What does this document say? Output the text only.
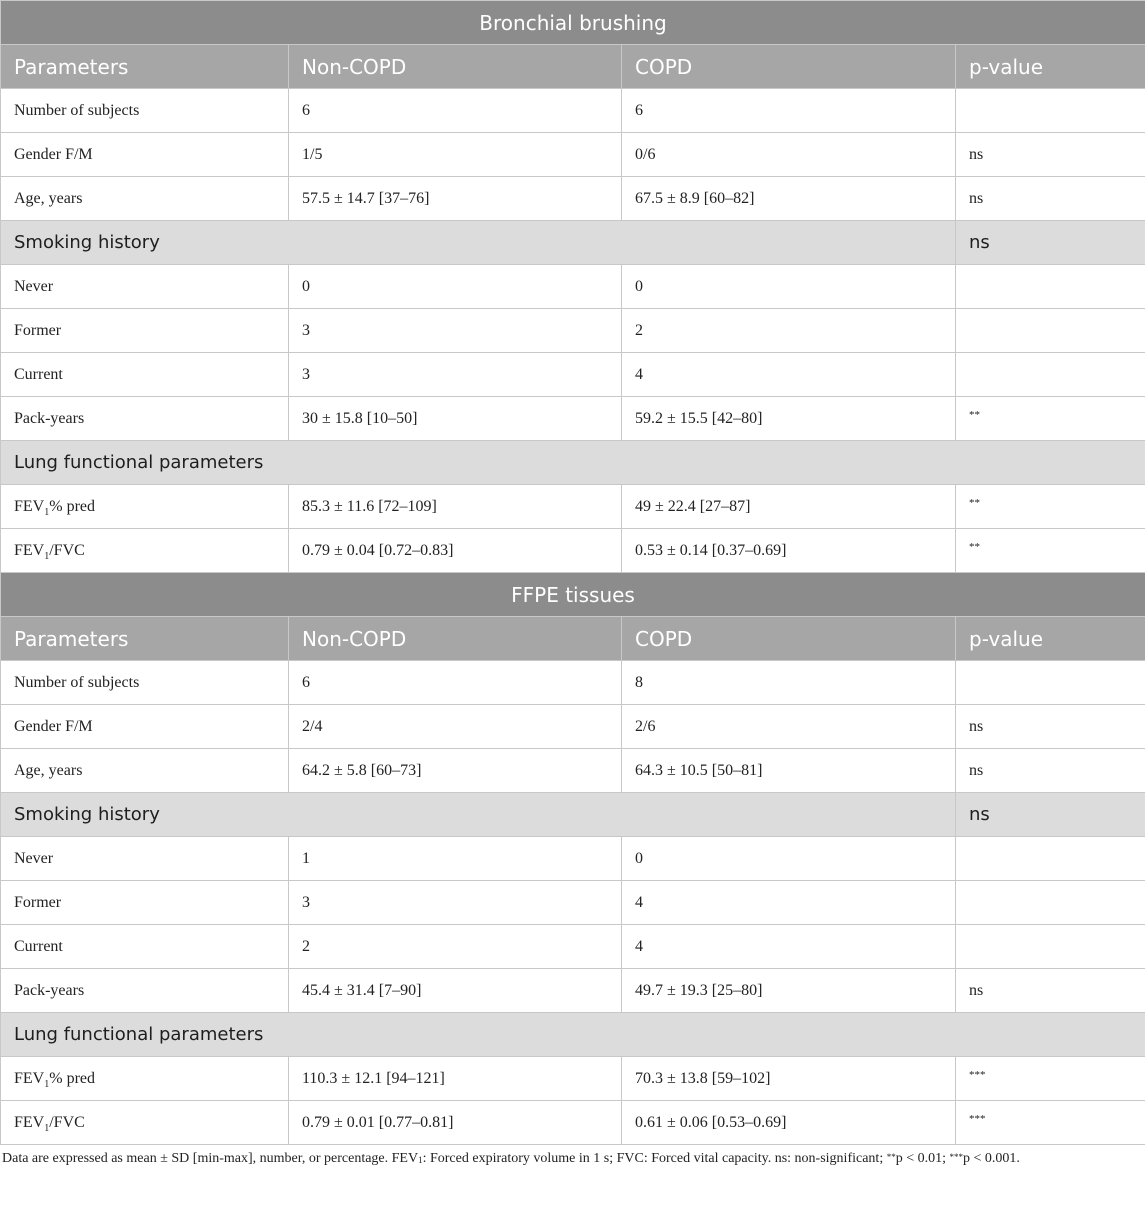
Bronchial brushing			
Parameters	Non-COPD	COPD	p-value
Number of subjects	6	6	
Gender F/M	1/5	0/6	ns
Age, years	57.5 ± 14.7 [37–76]	67.5 ± 8.9 [60–82]	ns
Smoking history			ns
Never	0	0	
Former	3	2	
Current	3	4	
Pack-years	30 ± 15.8 [10–50]	59.2 ± 15.5 [42–80]	**
Lung functional parameters			
$FEV_1\%$ pred	85.3 ± 11.6 [72–109]	49 ± 22.4 [27–87]	**
$FEV_1$/FVC	0.79 ± 0.04 [0.72–0.83]	0.53 ± 0.14 [0.37–0.69]	**
FFPE tissues			
Parameters	Non-COPD	COPD	p-value
Number of subjects	6	8	
Gender F/M	2/4	2/6	ns
Age, years	64.2 ± 5.8 [60–73]	64.3 ± 10.5 [50–81]	ns
Smoking history			ns
Never	1	0	
Former	3	4	
Current	2	4	
Pack-years	45.4 ± 31.4 [7–90]	49.7 ± 19.3 [25–80]	ns
Lung functional parameters			
$FEV_1\%$ pred	110.3 ± 12.1 [94–121]	70.3 ± 13.8 [59–102]	***
$FEV_1$/FVC	0.79 ± 0.01 [0.77–0.81]	0.61 ± 0.06 [0.53–0.69]	***
Data are expressed as mean ± SD [min-max], number, or percentage. $FEV_1$: Forced expiratory volume in 1 s; FVC: Forced vital capacity. ns: non-significant; **p < 0.01; ***p < 0.001.
